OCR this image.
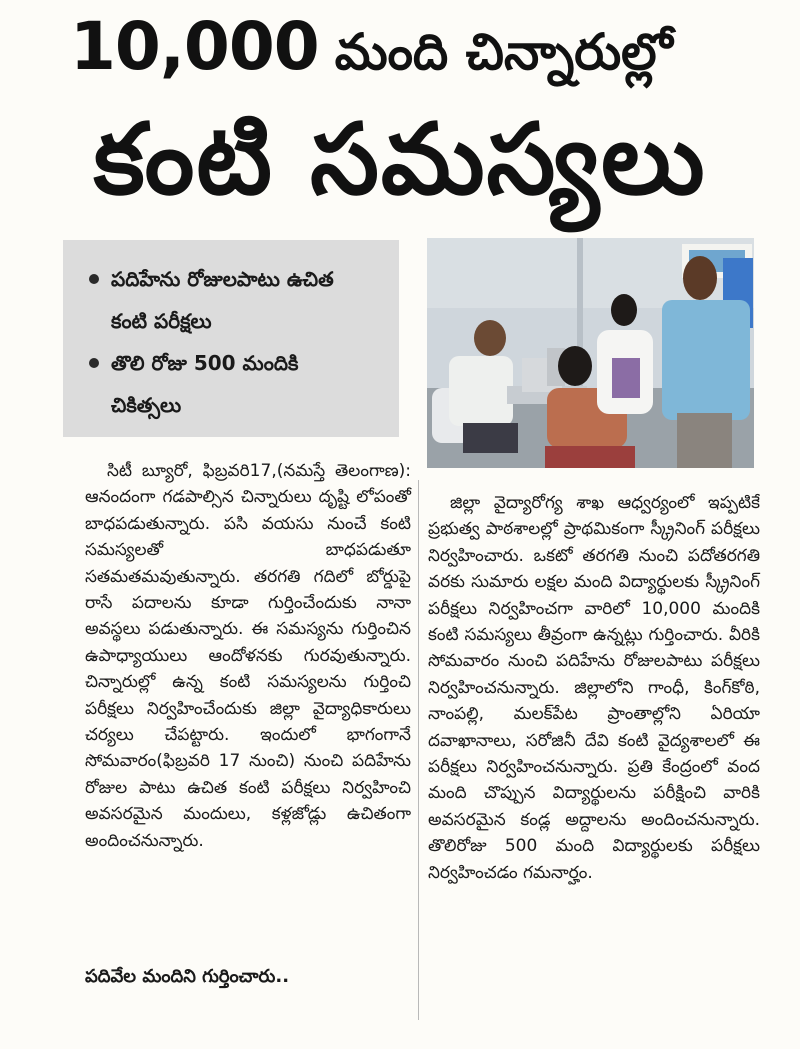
10,000 మంది చిన్నారుల్లో
కంటి సమస్యలు
పదిహేను రోజులపాటు ఉచిత కంటి పరీక్షలు
తొలి రోజు 500 మందికి చికిత్సలు

సిటీ బ్యూరో, ఫిబ్రవరి17,(నమస్తే తెలంగాణ): ఆనందంగా గడపాల్సిన చిన్నారులు దృష్టి లోపంతో బాధపడుతున్నారు. పసి వయసు నుంచే కంటి సమస్యలతో బాధపడుతూ సతమతమవుతున్నారు. తరగతి గదిలో బోర్డుపై రాసే పదాలను కూడా గుర్తించేందుకు నానా అవస్థలు పడుతున్నారు. ఈ సమస్యను గుర్తించిన ఉపాధ్యాయులు ఆందోళనకు గురవుతున్నారు. చిన్నారుల్లో ఉన్న కంటి సమస్యలను గుర్తించి పరీక్షలు నిర్వహించేందుకు జిల్లా వైద్యాధికారులు చర్యలు చేపట్టారు. ఇందులో భాగంగానే సోమవారం(ఫిబ్రవరి 17 నుంచి) నుంచి పదిహేను రోజుల పాటు ఉచిత కంటి పరీక్షలు నిర్వహించి అవసరమైన మందులు, కళ్లజోడ్లు ఉచితంగా అందించనున్నారు.

పదివేల మందిని గుర్తించారు..

జిల్లా వైద్యారోగ్య శాఖ ఆధ్వర్యంలో ఇప్పటికే ప్రభుత్వ పాఠశాలల్లో ప్రాథమికంగా స్క్రీనింగ్ పరీక్షలు నిర్వహించారు. ఒకటో తరగతి నుంచి పదోతరగతి వరకు సుమారు లక్షల మంది విద్యార్థులకు స్క్రీనింగ్ పరీక్షలు నిర్వహించగా వారిలో 10,000 మందికి కంటి సమస్యలు తీవ్రంగా ఉన్నట్లు గుర్తించారు. వీరికి సోమవారం నుంచి పదిహేను రోజులపాటు పరీక్షలు నిర్వహించనున్నారు. జిల్లాలోని గాంధీ, కింగ్‌కోఠి, నాంపల్లి, మలక్‌పేట ప్రాంతాల్లోని ఏరియా దవాఖానాలు, సరోజినీ దేవి కంటి వైద్యశాలలో ఈ పరీక్షలు నిర్వహించనున్నారు. ప్రతి కేంద్రంలో వంద మంది చొప్పున విద్యార్థులను పరీక్షించి వారికి అవసరమైన కండ్ల అద్దాలను అందించనున్నారు. తొలిరోజు 500 మంది విద్యార్థులకు పరీక్షలు నిర్వహించడం గమనార్హం.
